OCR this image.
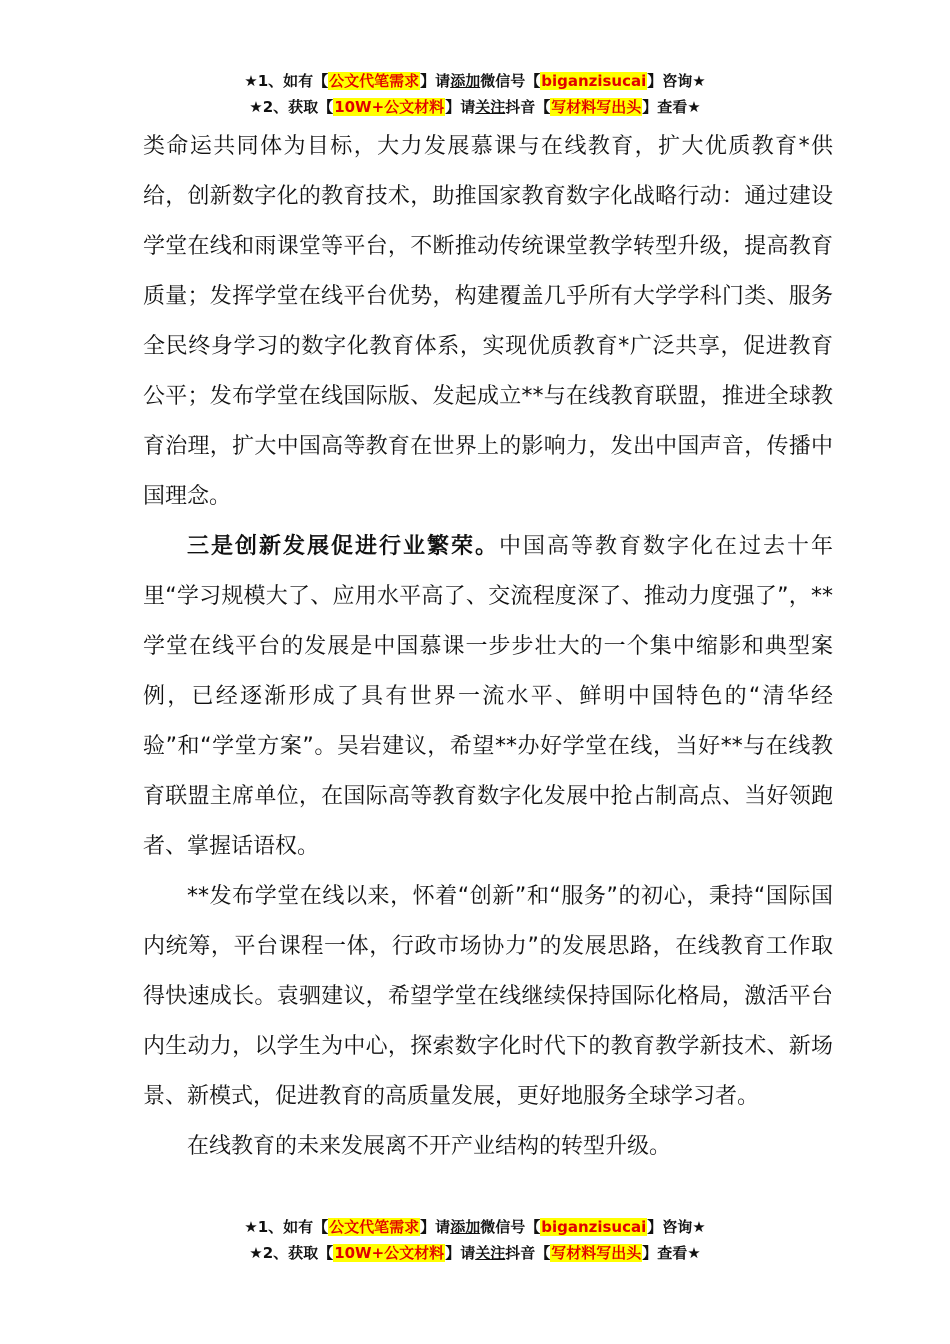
★1、如有【公文代笔需求】请添加微信号【biganzisucai】咨询★
★2、获取【10W+公文材料】请关注抖音【写材料写出头】查看★

类命运共同体为目标，大力发展慕课与在线教育，扩大优质教育*供给，创新数字化的教育技术，助推国家教育数字化战略行动：通过建设学堂在线和雨课堂等平台，不断推动传统课堂教学转型升级，提高教育质量；发挥学堂在线平台优势，构建覆盖几乎所有大学学科门类、服务全民终身学习的数字化教育体系，实现优质教育*广泛共享，促进教育公平；发布学堂在线国际版、发起成立**与在线教育联盟，推进全球教育治理，扩大中国高等教育在世界上的影响力，发出中国声音，传播中国理念。

三是创新发展促进行业繁荣。中国高等教育数字化在过去十年里“学习规模大了、应用水平高了、交流程度深了、推动力度强了”，**学堂在线平台的发展是中国慕课一步步壮大的一个集中缩影和典型案例，已经逐渐形成了具有世界一流水平、鲜明中国特色的“清华经验”和“学堂方案”。吴岩建议，希望**办好学堂在线，当好**与在线教育联盟主席单位，在国际高等教育数字化发展中抢占制高点、当好领跑者、掌握话语权。

**发布学堂在线以来，怀着“创新”和“服务”的初心，秉持“国际国内统筹，平台课程一体，行政市场协力”的发展思路，在线教育工作取得快速成长。袁驷建议，希望学堂在线继续保持国际化格局，激活平台内生动力，以学生为中心，探索数字化时代下的教育教学新技术、新场景、新模式，促进教育的高质量发展，更好地服务全球学习者。

在线教育的未来发展离不开产业结构的转型升级。

★1、如有【公文代笔需求】请添加微信号【biganzisucai】咨询★
★2、获取【10W+公文材料】请关注抖音【写材料写出头】查看★
